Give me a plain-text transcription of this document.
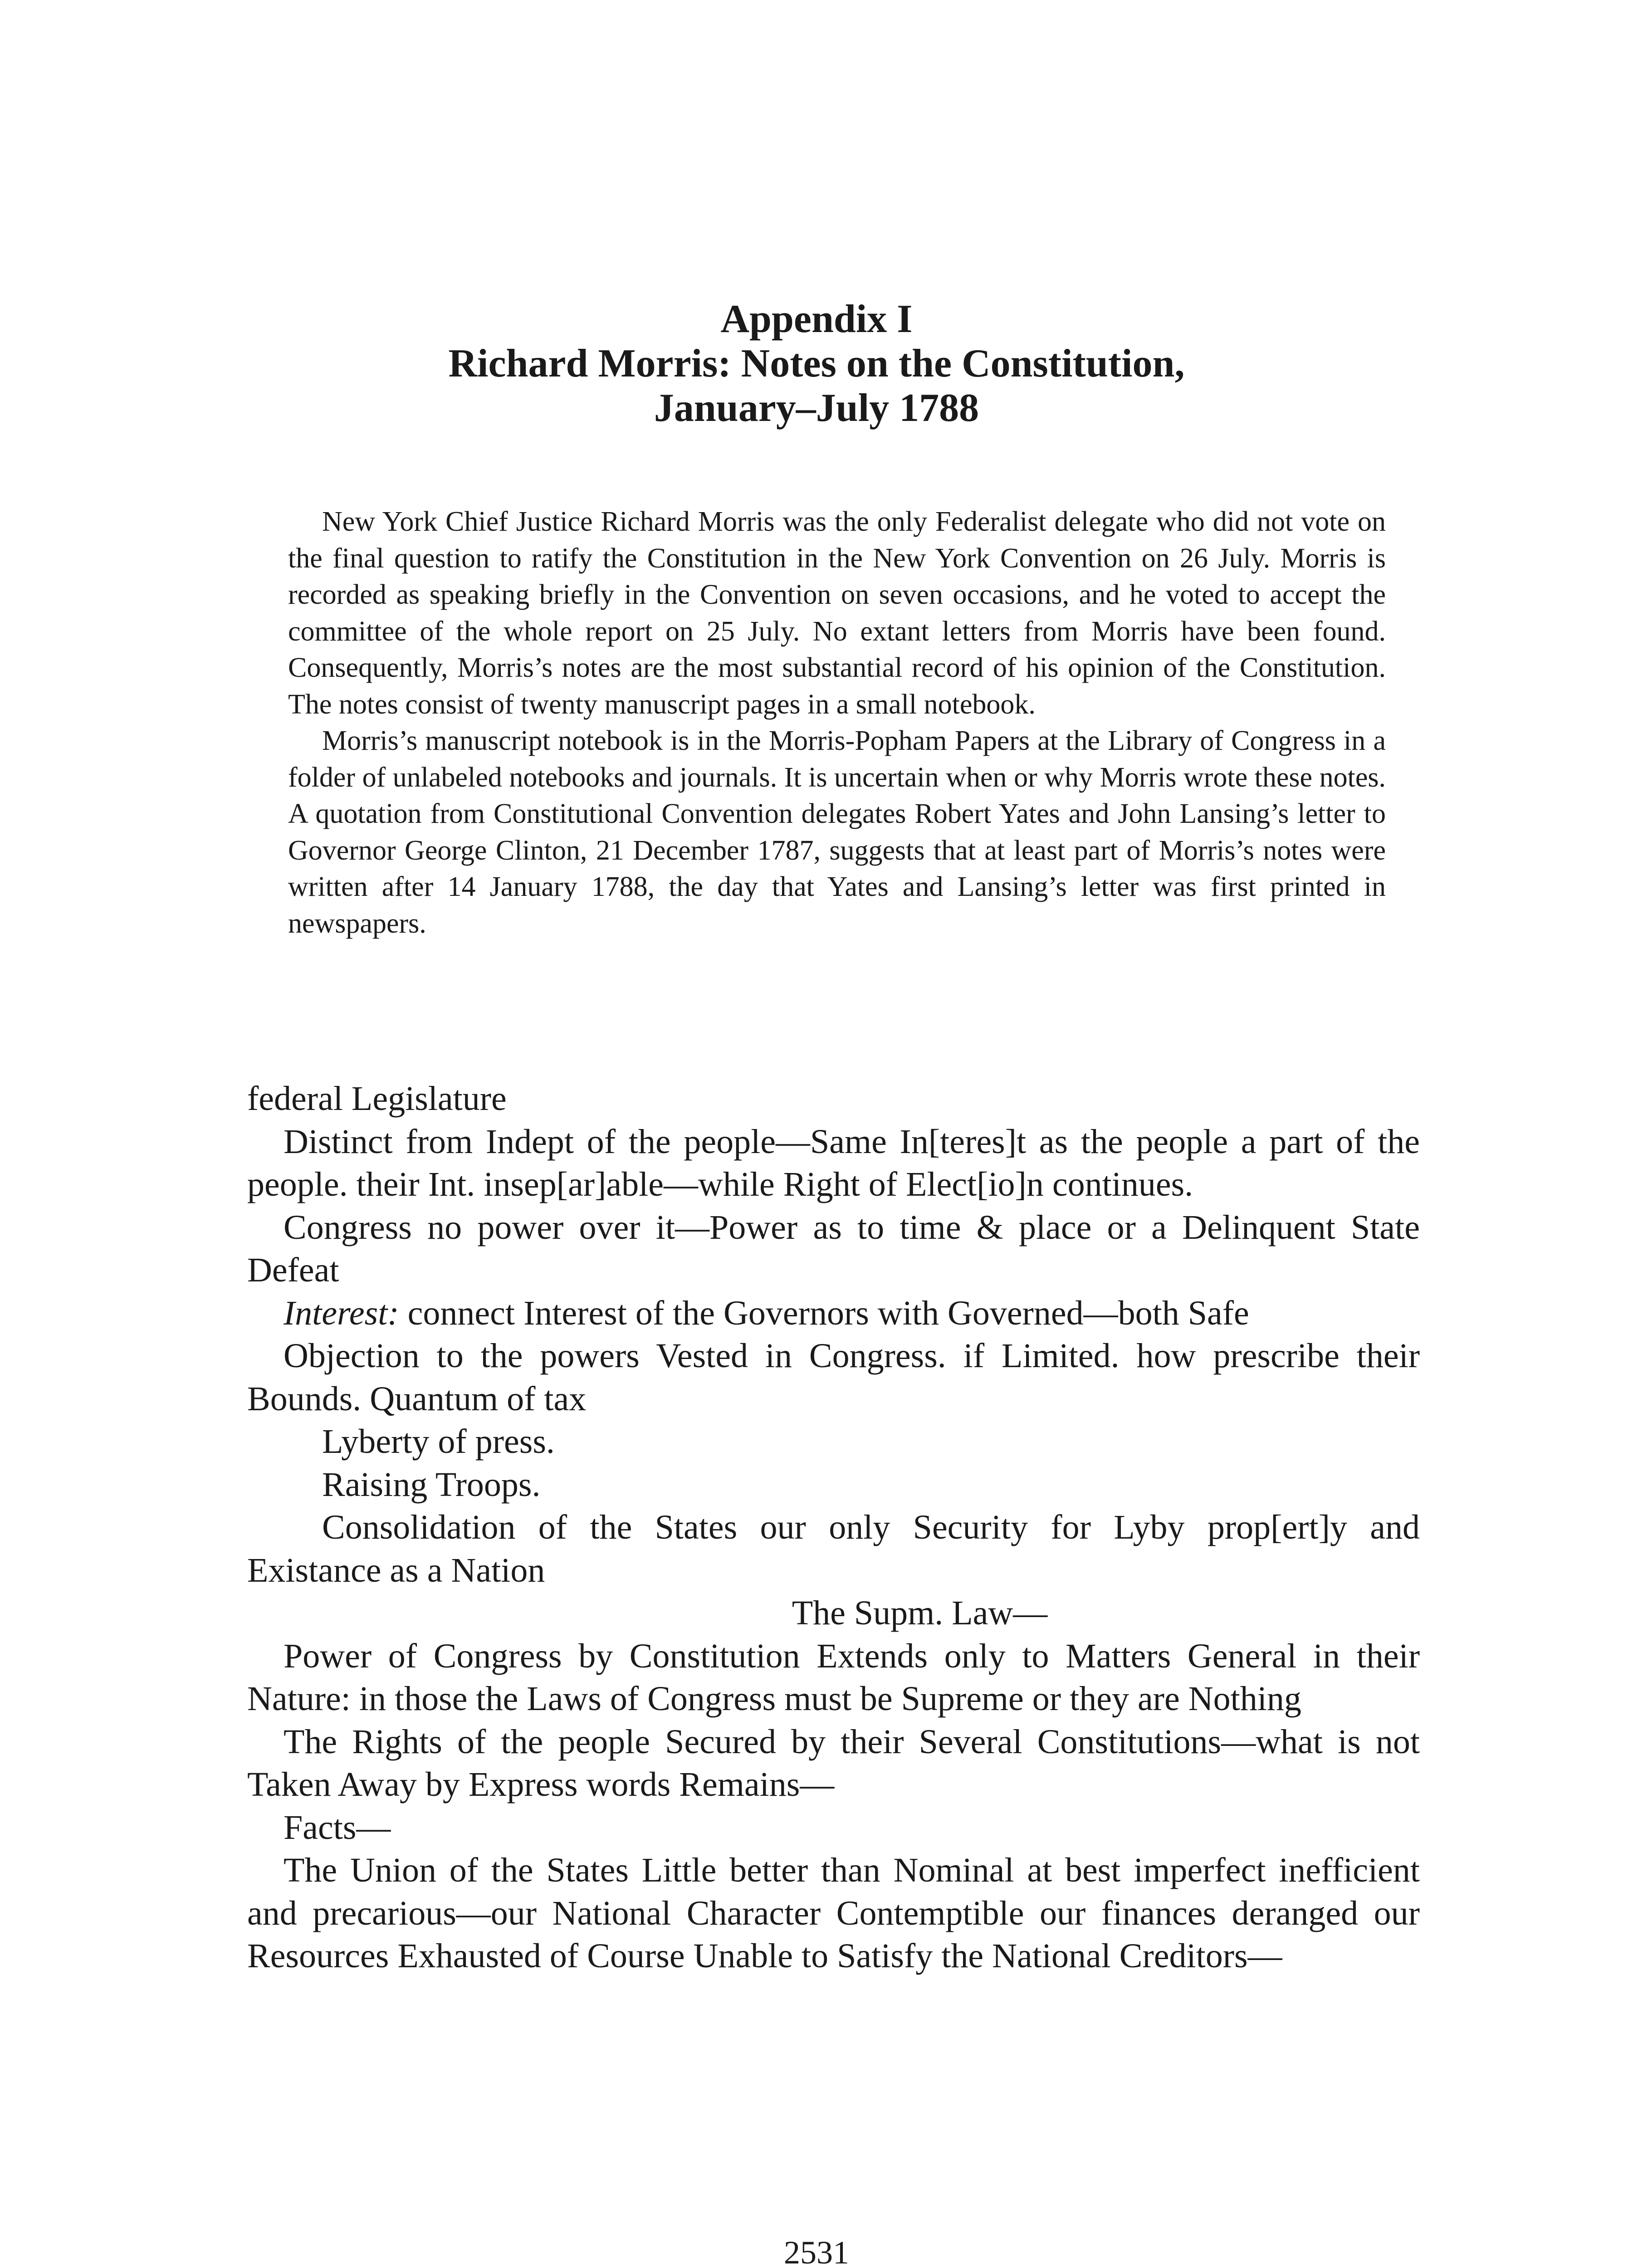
Appendix I
Richard Morris: Notes on the Constitution,
January–July 1788

New York Chief Justice Richard Morris was the only Federalist delegate who did not vote on the final question to ratify the Constitution in the New York Convention on 26 July. Morris is recorded as speaking briefly in the Convention on seven occasions, and he voted to accept the committee of the whole report on 25 July. No extant letters from Morris have been found. Consequently, Morris’s notes are the most substantial record of his opinion of the Constitution. The notes consist of twenty manuscript pages in a small notebook.

Morris’s manuscript notebook is in the Morris-Popham Papers at the Library of Congress in a folder of unlabeled notebooks and journals. It is uncertain when or why Morris wrote these notes. A quotation from Constitutional Convention delegates Robert Yates and John Lansing’s letter to Governor George Clinton, 21 December 1787, suggests that at least part of Morris’s notes were written after 14 January 1788, the day that Yates and Lansing’s letter was first printed in newspapers.

federal Legislature

Distinct from Indept of the people—Same In[teres]t as the people a part of the people. their Int. insep[ar]able—while Right of Elect[io]n continues.

Congress no power over it—Power as to time & place or a Delinquent State Defeat

Interest: connect Interest of the Governors with Governed—both Safe

Objection to the powers Vested in Congress. if Limited. how prescribe their Bounds. Quantum of tax

Lyberty of press.

Raising Troops.

Consolidation of the States our only Security for Lyby prop[ert]y and Existance as a Nation

The Supm. Law—

Power of Congress by Constitution Extends only to Matters General in their Nature: in those the Laws of Congress must be Supreme or they are Nothing

The Rights of the people Secured by their Several Constitutions—what is not Taken Away by Express words Remains—

Facts—

The Union of the States Little better than Nominal at best imperfect inefficient and precarious—our National Character Contemptible our finances deranged our Resources Exhausted of Course Unable to Satisfy the National Creditors—

2531
